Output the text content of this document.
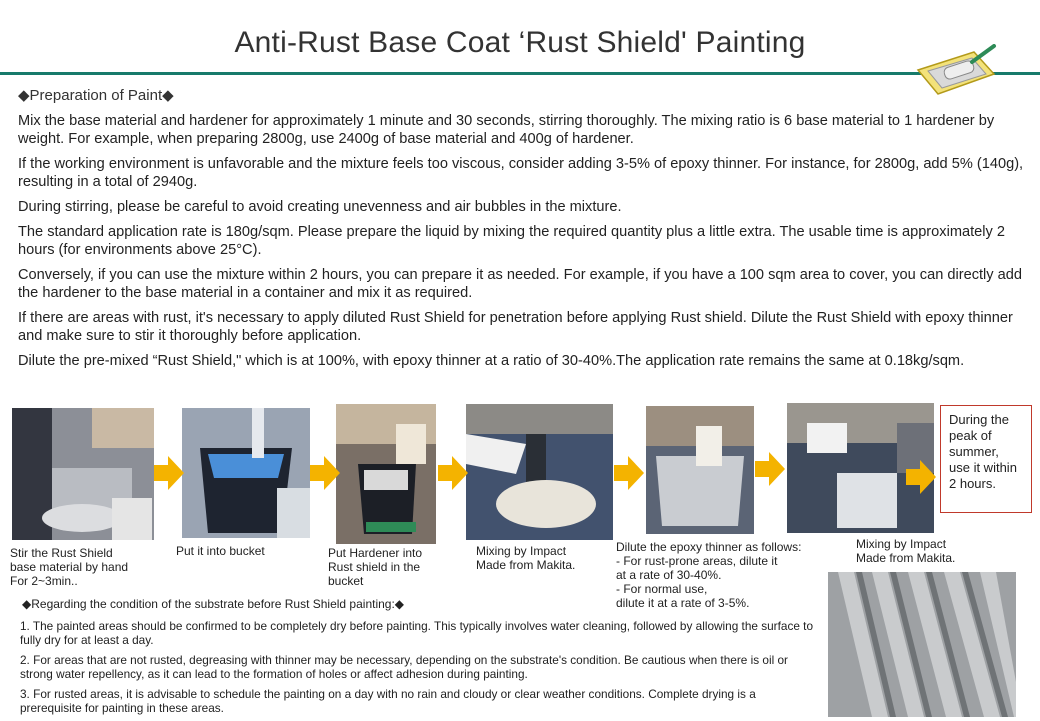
Anti-Rust Base Coat ‘Rust Shield' Painting
◆Preparation of Paint◆

Mix the base material and hardener for approximately 1 minute and 30 seconds, stirring thoroughly. The mixing ratio is 6 base material to 1 hardener by weight. For example, when preparing 2800g, use 2400g of base material and 400g of hardener.

If the working environment is unfavorable and the mixture feels too viscous, consider adding 3-5% of epoxy thinner. For instance, for 2800g, add 5% (140g), resulting in a total of 2940g.

During stirring, please be careful to avoid creating unevenness and air bubbles in the mixture.

The standard application rate is 180g/sqm. Please prepare the liquid by mixing the required quantity plus a little extra. The usable time is approximately 2 hours (for environments above 25°C).

Conversely, if you can use the mixture within 2 hours, you can prepare it as needed. For example, if you have a 100 sqm area to cover, you can directly add the hardener to the base material in a container and mix it as required.

If there are areas with rust, it's necessary to apply diluted Rust Shield for penetration before applying Rust shield. Dilute the Rust Shield with epoxy thinner and make sure to stir it thoroughly before application.

Dilute the pre-mixed “Rust Shield," which is at 100%, with epoxy thinner at a ratio of 30-40%.The application rate remains the same at 0.18kg/sqm.

Stir the Rust Shield
base material by hand
For 2~3min..
Put it into bucket	Put Hardener into
Rust shield in the
bucket
Mixing by Impact
Made from Makita.
Dilute the epoxy thinner as follows:
- For rust-prone areas, dilute it
at a rate of 30-40%.
- For normal use,
dilute it at a rate of 3-5%.
Mixing by Impact
Made from Makita.
During the peak of summer, use it within 2 hours.
◆Regarding the condition of the substrate before Rust Shield painting:◆

1. The painted areas should be confirmed to be completely dry before painting. This typically involves water cleaning, followed by allowing the surface to fully dry for at least a day.

2. For areas that are not rusted, degreasing with thinner may be necessary, depending on the substrate's condition. Be cautious when there is oil or strong water repellency, as it can lead to the formation of holes or affect adhesion during painting.

3. For rusted areas, it is advisable to schedule the painting on a day with no rain and cloudy or clear weather conditions. Complete drying is a prerequisite for painting in these areas.
